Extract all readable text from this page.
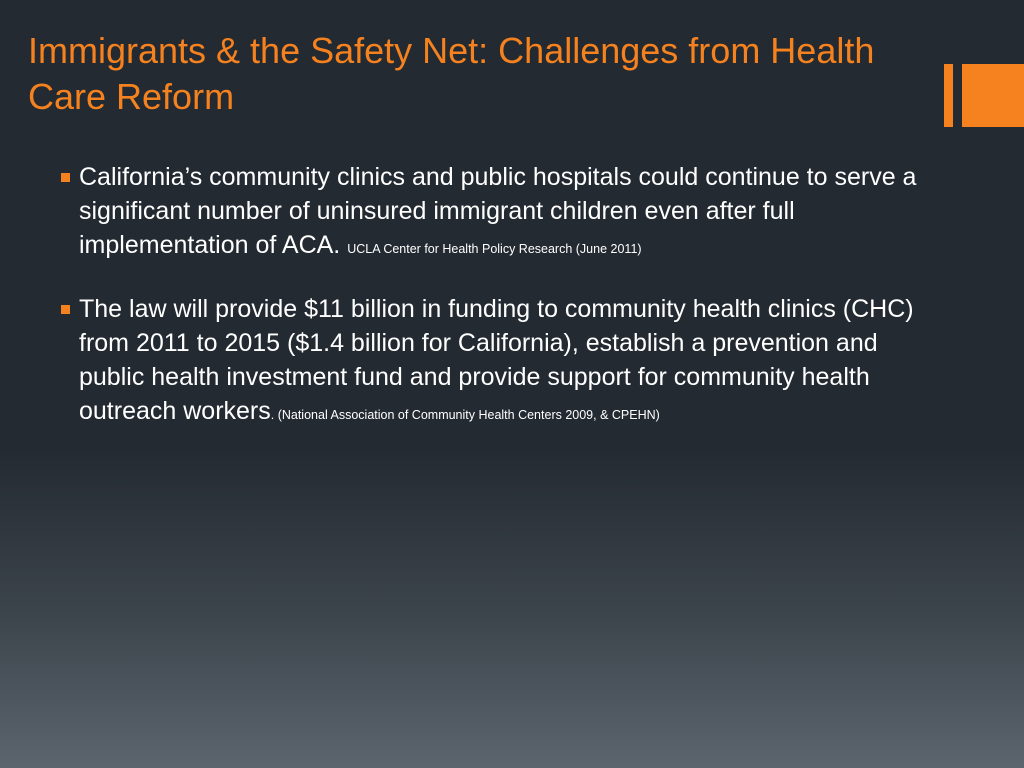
Immigrants & the Safety Net: Challenges from Health Care Reform
California’s community clinics and public hospitals could continue to serve a significant number of uninsured immigrant children even after full implementation of ACA. UCLA Center for Health Policy Research (June 2011)
The law will provide $11 billion in funding to community health clinics (CHC) from 2011 to 2015 ($1.4 billion for California), establish a prevention and public health investment fund and provide support for community health outreach workers. (National Association of Community Health Centers 2009, & CPEHN)
